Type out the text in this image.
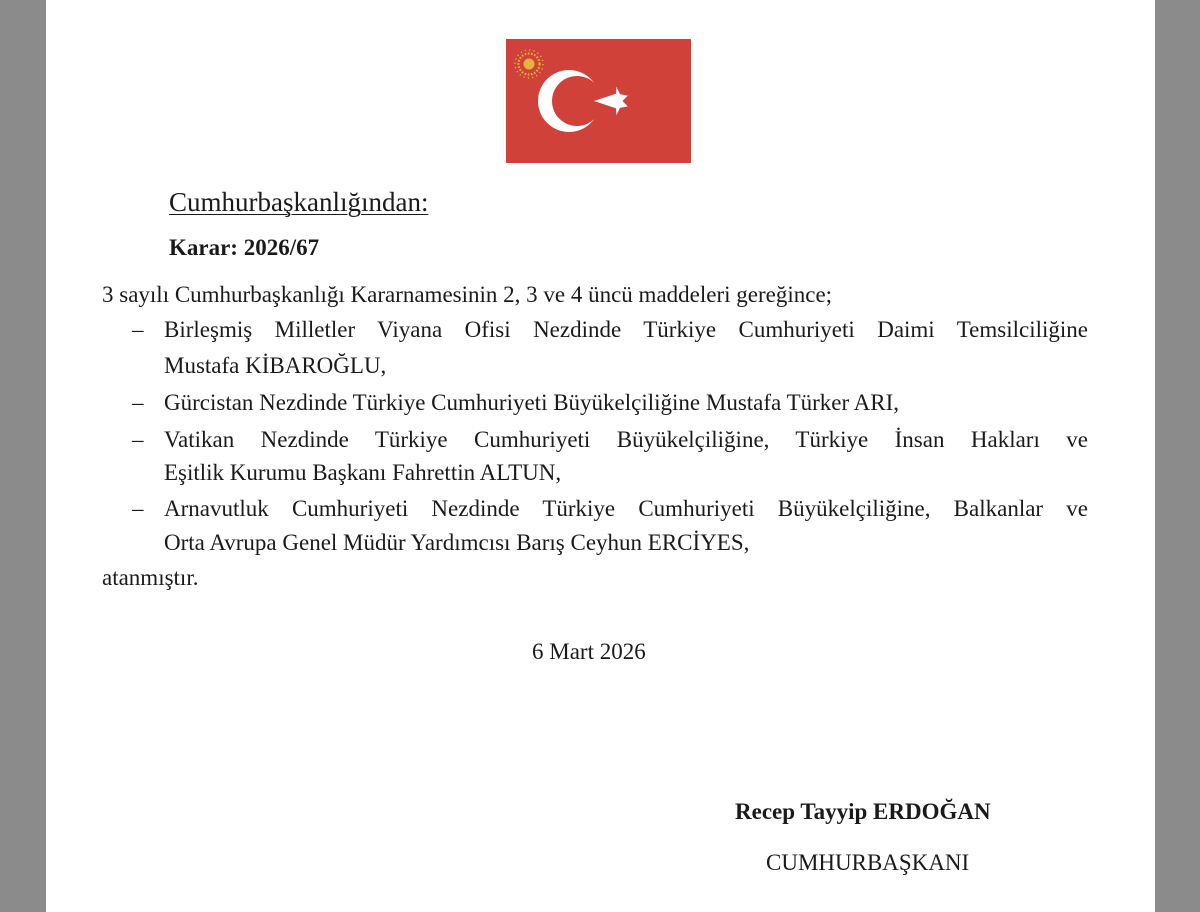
Cumhurbaşkanlığından:
Karar: 2026/67
3 sayılı Cumhurbaşkanlığı Kararnamesinin 2, 3 ve 4 üncü maddeleri gereğince;
– Birleşmiş Milletler Viyana Ofisi Nezdinde Türkiye Cumhuriyeti Daimi Temsilciliğine
Mustafa KİBAROĞLU,
– Gürcistan Nezdinde Türkiye Cumhuriyeti Büyükelçiliğine Mustafa Türker ARI,
– Vatikan Nezdinde Türkiye Cumhuriyeti Büyükelçiliğine, Türkiye İnsan Hakları ve
Eşitlik Kurumu Başkanı Fahrettin ALTUN,
– Arnavutluk Cumhuriyeti Nezdinde Türkiye Cumhuriyeti Büyükelçiliğine, Balkanlar ve
Orta Avrupa Genel Müdür Yardımcısı Barış Ceyhun ERCİYES,
atanmıştır.
6 Mart 2026
Recep Tayyip ERDOĞAN
CUMHURBAŞKANI
